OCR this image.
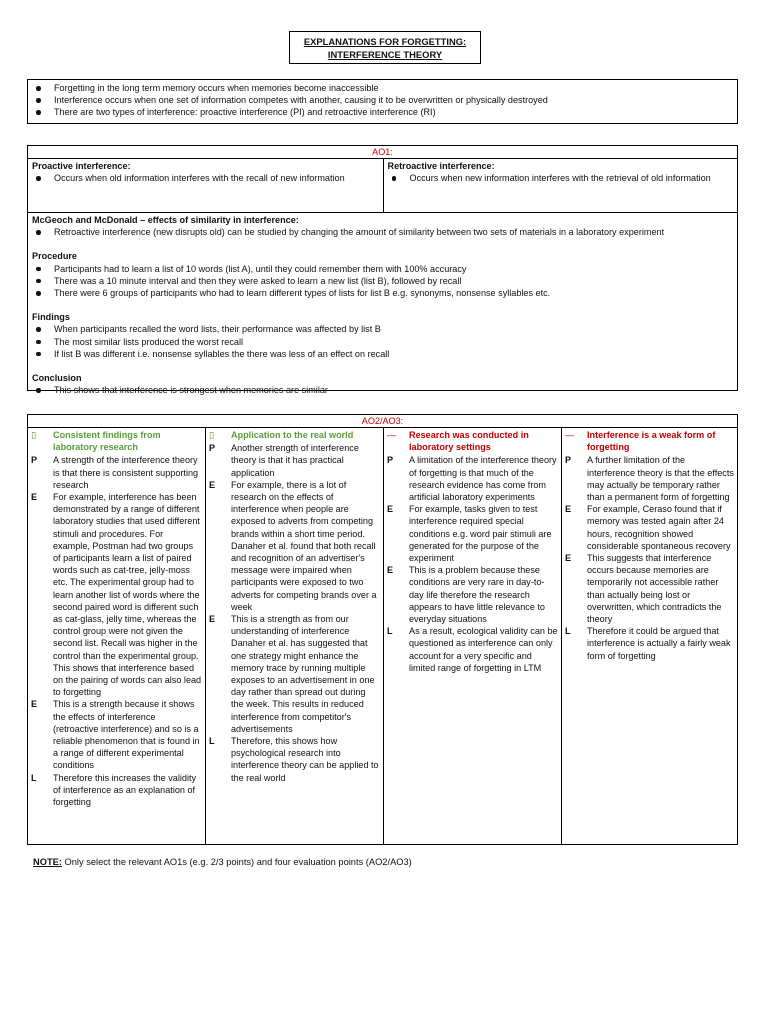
EXPLANATIONS FOR FORGETTING:
INTERFERENCE THEORY
Forgetting in the long term memory occurs when memories become inaccessible
Interference occurs when one set of information competes with another, causing it to be overwritten or physically destroyed
There are two types of interference: proactive interference (PI) and retroactive interference (RI)
AO1:
Proactive interference:
Occurs when old information interferes with the recall of new information
Retroactive interference:
Occurs when new information interferes with the retrieval of old information
McGeoch and McDonald – effects of similarity in interference:
Retroactive interference (new disrupts old) can be studied by changing the amount of similarity between two sets of materials in a laboratory experiment
Procedure
Participants had to learn a list of 10 words (list A), until they could remember them with 100% accuracy
There was a 10 minute interval and then they were asked to learn a new list (list B), followed by recall
There were 6 groups of participants who had to learn different types of lists for list B e.g. synonyms, nonsense syllables etc.
Findings
When participants recalled the word lists, their performance was affected by list B
The most similar lists produced the worst recall
If list B was different i.e. nonsense syllables the there was less of an effect on recall
Conclusion
This shows that interference is strongest when memories are similar
AO2/AO3:
▯ Consistent findings from laboratory research
P	A strength of the interference theory is that there is consistent supporting research
E	For example, interference has been demonstrated by a range of different laboratory studies that used different stimuli and procedures. For example, Postman had two groups of participants learn a list of paired words such as cat-tree, jelly-moss etc. The experimental group had to learn another list of words where the second paired word is different such as cat-glass, jelly time, whereas the control group were not given the second list. Recall was higher in the control than the experimental group. This shows that interference based on the pairing of words can also lead to forgetting
E	This is a strength because it shows the effects of interference (retroactive interference) and so is a reliable phenomenon that is found in a range of different experimental conditions
L	Therefore this increases the validity of interference as an explanation of forgetting
▯ Application to the real world
P	Another strength of interference theory is that it has practical application
E	For example, there is a lot of research on the effects of interference when people are exposed to adverts from competing brands within a short time period. Danaher et al. found that both recall and recognition of an advertiser's message were impaired when participants were exposed to two adverts for competing brands over a week
E	This is a strength as from our understanding of interference Danaher et al. has suggested that one strategy might enhance the memory trace by running multiple exposes to an advertisement in one day rather than spread out during the week. This results in reduced interference from competitor's advertisements
L	Therefore, this shows how psychological research into interference theory can be applied to the real world
— Research was conducted in laboratory settings
P	A limitation of the interference theory of forgetting is that much of the research evidence has come from artificial laboratory experiments
E	For example, tasks given to test interference required special conditions e.g. word pair stimuli are generated for the purpose of the experiment
E	This is a problem because these conditions are very rare in day-to-day life therefore the research appears to have little relevance to everyday situations
L	As a result, ecological validity can be questioned as interference can only account for a very specific and limited range of forgetting in LTM
— Interference is a weak form of forgetting
P	A further limitation of the interference theory is that the effects may actually be temporary rather than a permanent form of forgetting
E	For example, Ceraso found that if memory was tested again after 24 hours, recognition showed considerable spontaneous recovery
E	This suggests that interference occurs because memories are temporarily not accessible rather than actually being lost or overwritten, which contradicts the theory
L	Therefore it could be argued that interference is actually a fairly weak form of forgetting
NOTE: Only select the relevant AO1s (e.g. 2/3 points) and four evaluation points (AO2/AO3)
